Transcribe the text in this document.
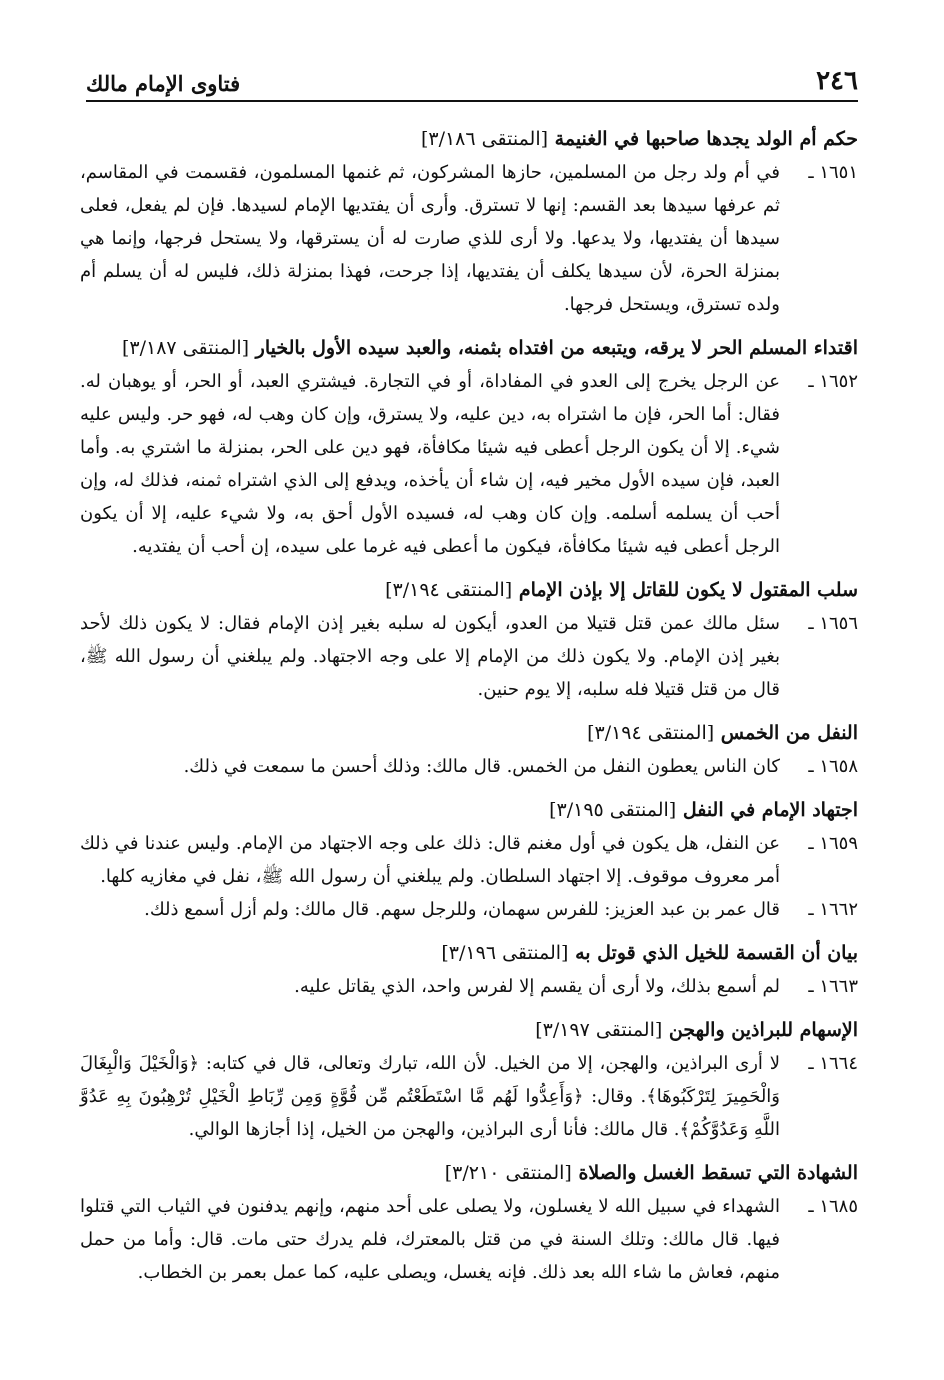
٢٤٦
فتاوى الإمام مالك
حكم أم الولد يجدها صاحبها في الغنيمة [المنتقى ٣/١٨٦]
١٦٥١ ـ
في أم ولد رجل من المسلمين، حازها المشركون، ثم غنمها المسلمون، فقسمت في المقاسم، ثم عرفها سيدها بعد القسم: إنها لا تسترق. وأرى أن يفتديها الإمام لسيدها. فإن لم يفعل، فعلى سيدها أن يفتديها، ولا يدعها. ولا أرى للذي صارت له أن يسترقها، ولا يستحل فرجها، وإنما هي بمنزلة الحرة، لأن سيدها يكلف أن يفتديها، إذا جرحت، فهذا بمنزلة ذلك، فليس له أن يسلم أم ولده تسترق، ويستحل فرجها.
اقتداء المسلم الحر لا يرقه، ويتبعه من افتداه بثمنه، والعبد سيده الأول بالخيار [المنتقى ٣/١٨٧]
١٦٥٢ ـ
عن الرجل يخرج إلى العدو في المفاداة، أو في التجارة. فيشتري العبد، أو الحر، أو يوهبان له. فقال: أما الحر، فإن ما اشتراه به، دين عليه، ولا يسترق، وإن كان وهب له، فهو حر. وليس عليه شيء. إلا أن يكون الرجل أعطى فيه شيئا مكافأة، فهو دين على الحر، بمنزلة ما اشتري به. وأما العبد، فإن سيده الأول مخير فيه، إن شاء أن يأخذه، ويدفع إلى الذي اشتراه ثمنه، فذلك له، وإن أحب أن يسلمه أسلمه. وإن كان وهب له، فسيده الأول أحق به، ولا شيء عليه، إلا أن يكون الرجل أعطى فيه شيئا مكافأة، فيكون ما أعطى فيه غرما على سيده، إن أحب أن يفتديه.
سلب المقتول لا يكون للقاتل إلا بإذن الإمام [المنتقى ٣/١٩٤]
١٦٥٦ ـ
سئل مالك عمن قتل قتيلا من العدو، أيكون له سلبه بغير إذن الإمام فقال: لا يكون ذلك لأحد بغير إذن الإمام. ولا يكون ذلك من الإمام إلا على وجه الاجتهاد. ولم يبلغني أن رسول الله ﷺ، قال من قتل قتيلا فله سلبه، إلا يوم حنين.
النفل من الخمس [المنتقى ٣/١٩٤]
١٦٥٨ ـ
كان الناس يعطون النفل من الخمس. قال مالك: وذلك أحسن ما سمعت في ذلك.
اجتهاد الإمام في النفل [المنتقى ٣/١٩٥]
١٦٥٩ ـ
عن النفل، هل يكون في أول مغنم قال: ذلك على وجه الاجتهاد من الإمام. وليس عندنا في ذلك أمر معروف موقوف. إلا اجتهاد السلطان. ولم يبلغني أن رسول الله ﷺ، نفل في مغازيه كلها.
١٦٦٢ ـ
قال عمر بن عبد العزيز: للفرس سهمان، وللرجل سهم. قال مالك: ولم أزل أسمع ذلك.
بيان أن القسمة للخيل الذي قوتل به [المنتقى ٣/١٩٦]
١٦٦٣ ـ
لم أسمع بذلك، ولا أرى أن يقسم إلا لفرس واحد، الذي يقاتل عليه.
الإسهام للبراذين والهجن [المنتقى ٣/١٩٧]
١٦٦٤ ـ
لا أرى البراذين، والهجن، إلا من الخيل. لأن الله، تبارك وتعالى، قال في كتابه: ﴿وَالْخَيْلَ وَالْبِغَالَ وَالْحَمِيرَ لِتَرْكَبُوهَا﴾. وقال: ﴿وَأَعِدُّوا لَهُم مَّا اسْتَطَعْتُم مِّن قُوَّةٍ وَمِن رِّبَاطِ الْخَيْلِ تُرْهِبُونَ بِهِ عَدُوَّ اللَّهِ وَعَدُوَّكُمْ﴾. قال مالك: فأنا أرى البراذين، والهجن من الخيل، إذا أجازها الوالي.
الشهادة التي تسقط الغسل والصلاة [المنتقى ٣/٢١٠]
١٦٨٥ ـ
الشهداء في سبيل الله لا يغسلون، ولا يصلى على أحد منهم، وإنهم يدفنون في الثياب التي قتلوا فيها. قال مالك: وتلك السنة في من قتل بالمعترك، فلم يدرك حتى مات. قال: وأما من حمل منهم، فعاش ما شاء الله بعد ذلك. فإنه يغسل، ويصلى عليه، كما عمل بعمر بن الخطاب.
